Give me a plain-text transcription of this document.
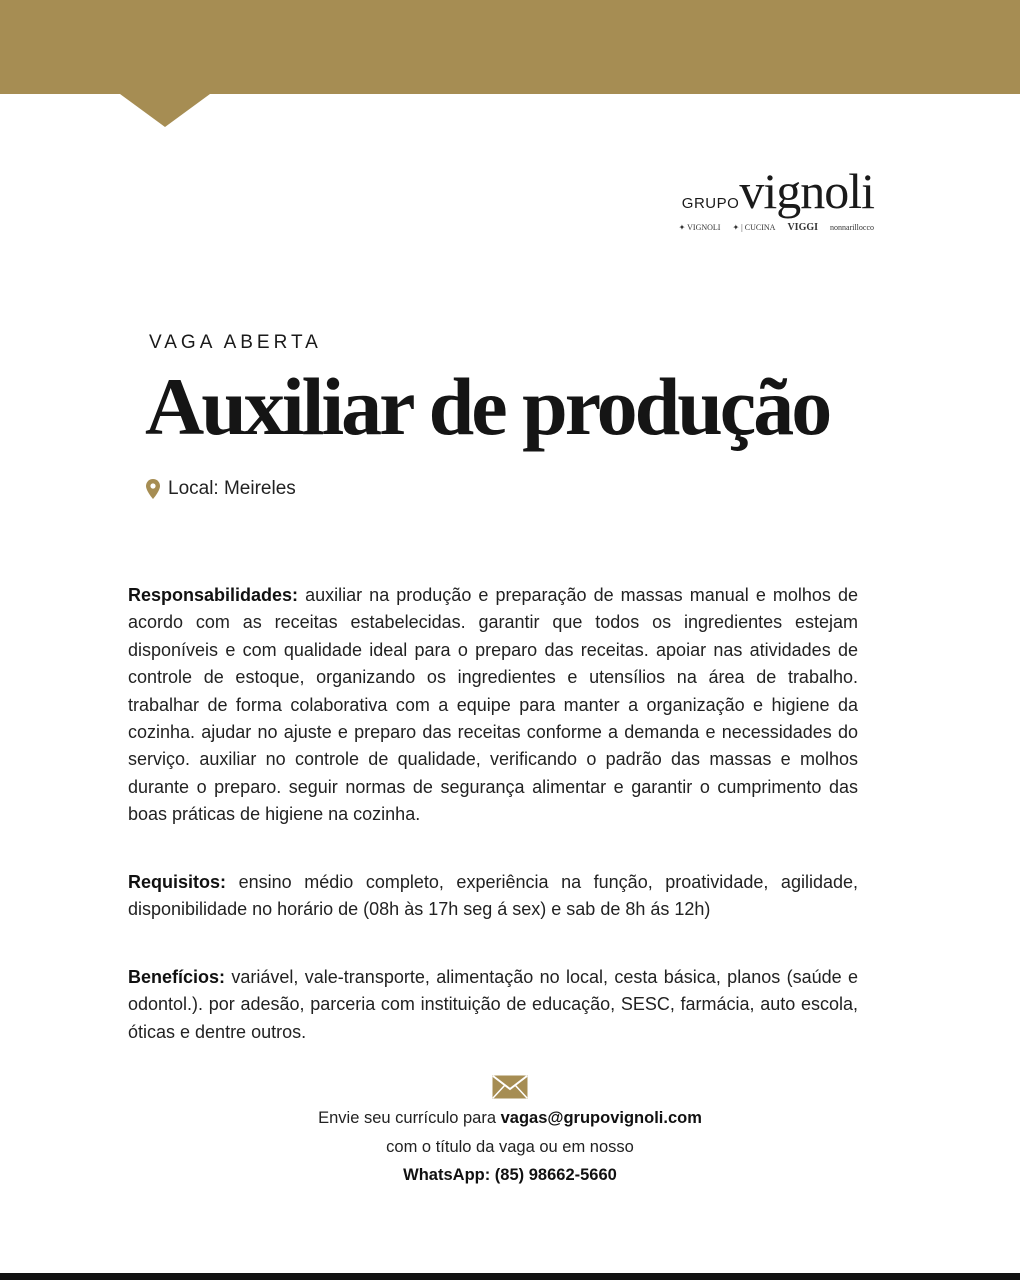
GRUPOvignoli
✦ VIGNOLI ✦ | CUCINA VIGGI nonnarillocco
VAGA ABERTA
Auxiliar de produção
Local: Meireles
Responsabilidades: auxiliar na produção e preparação de massas manual e molhos de acordo com as receitas estabelecidas. garantir que todos os ingredientes estejam disponíveis e com qualidade ideal para o preparo das receitas. apoiar nas atividades de controle de estoque, organizando os ingredientes e utensílios na área de trabalho. trabalhar de forma colaborativa com a equipe para manter a organização e higiene da cozinha. ajudar no ajuste e preparo das receitas conforme a demanda e necessidades do serviço. auxiliar no controle de qualidade, verificando o padrão das massas e molhos durante o preparo. seguir normas de segurança alimentar e garantir o cumprimento das boas práticas de higiene na cozinha.
Requisitos: ensino médio completo, experiência na função, proatividade, agilidade, disponibilidade no horário de (08h às 17h seg á sex) e sab de 8h ás 12h)
Benefícios: variável, vale-transporte, alimentação no local, cesta básica, planos (saúde e odontol.). por adesão, parceria com instituição de educação, SESC, farmácia, auto escola, óticas e dentre outros.
Envie seu currículo para vagas@grupovignoli.com
com o título da vaga ou em nosso
WhatsApp: (85) 98662-5660
